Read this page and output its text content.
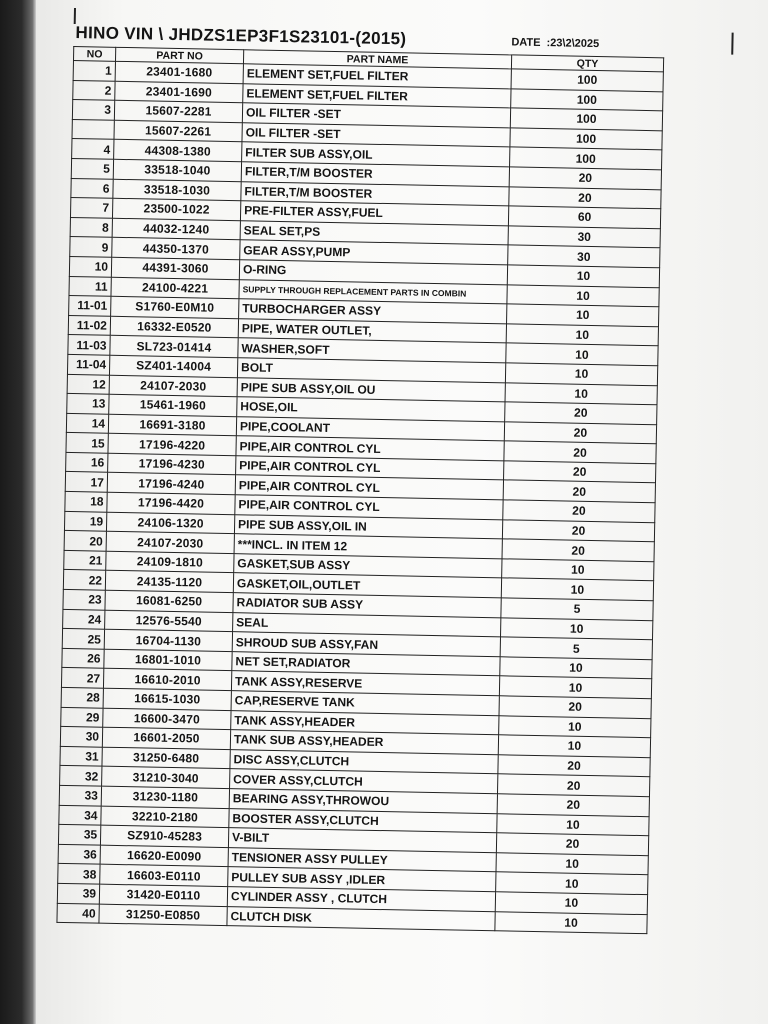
HINO VIN \ JHDZS1EP3F1S23101-(2015)	DATE :23\2\2025
NO	PART NO	PART NAME	QTY
1	23401-1680	ELEMENT SET,FUEL FILTER	100
2	23401-1690	ELEMENT SET,FUEL FILTER	100
3	15607-2281	OIL FILTER -SET	100
	15607-2261	OIL FILTER -SET	100
4	44308-1380	FILTER SUB ASSY,OIL	100
5	33518-1040	FILTER,T/M BOOSTER	20
6	33518-1030	FILTER,T/M BOOSTER	20
7	23500-1022	PRE-FILTER ASSY,FUEL	60
8	44032-1240	SEAL SET,PS	30
9	44350-1370	GEAR ASSY,PUMP	30
10	44391-3060	O-RING	10
11	24100-4221	SUPPLY THROUGH REPLACEMENT PARTS IN COMBIN	10
11-01	S1760-E0M10	TURBOCHARGER ASSY	10
11-02	16332-E0520	PIPE, WATER OUTLET,	10
11-03	SL723-01414	WASHER,SOFT	10
11-04	SZ401-14004	BOLT	10
12	24107-2030	PIPE SUB ASSY,OIL OU	10
13	15461-1960	HOSE,OIL	20
14	16691-3180	PIPE,COOLANT	20
15	17196-4220	PIPE,AIR CONTROL CYL	20
16	17196-4230	PIPE,AIR CONTROL CYL	20
17	17196-4240	PIPE,AIR CONTROL CYL	20
18	17196-4420	PIPE,AIR CONTROL CYL	20
19	24106-1320	PIPE SUB ASSY,OIL IN	20
20	24107-2030	***INCL. IN ITEM 12	20
21	24109-1810	GASKET,SUB ASSY	10
22	24135-1120	GASKET,OIL,OUTLET	10
23	16081-6250	RADIATOR SUB ASSY	5
24	12576-5540	SEAL	10
25	16704-1130	SHROUD SUB ASSY,FAN	5
26	16801-1010	NET SET,RADIATOR	10
27	16610-2010	TANK ASSY,RESERVE	10
28	16615-1030	CAP,RESERVE TANK	20
29	16600-3470	TANK ASSY,HEADER	10
30	16601-2050	TANK SUB ASSY,HEADER	10
31	31250-6480	DISC ASSY,CLUTCH	20
32	31210-3040	COVER ASSY,CLUTCH	20
33	31230-1180	BEARING ASSY,THROWOU	20
34	32210-2180	BOOSTER ASSY,CLUTCH	10
35	SZ910-45283	V-BILT	20
36	16620-E0090	TENSIONER ASSY PULLEY	10
38	16603-E0110	PULLEY SUB ASSY ,IDLER	10
39	31420-E0110	CYLINDER ASSY , CLUTCH	10
40	31250-E0850	CLUTCH DISK	10
